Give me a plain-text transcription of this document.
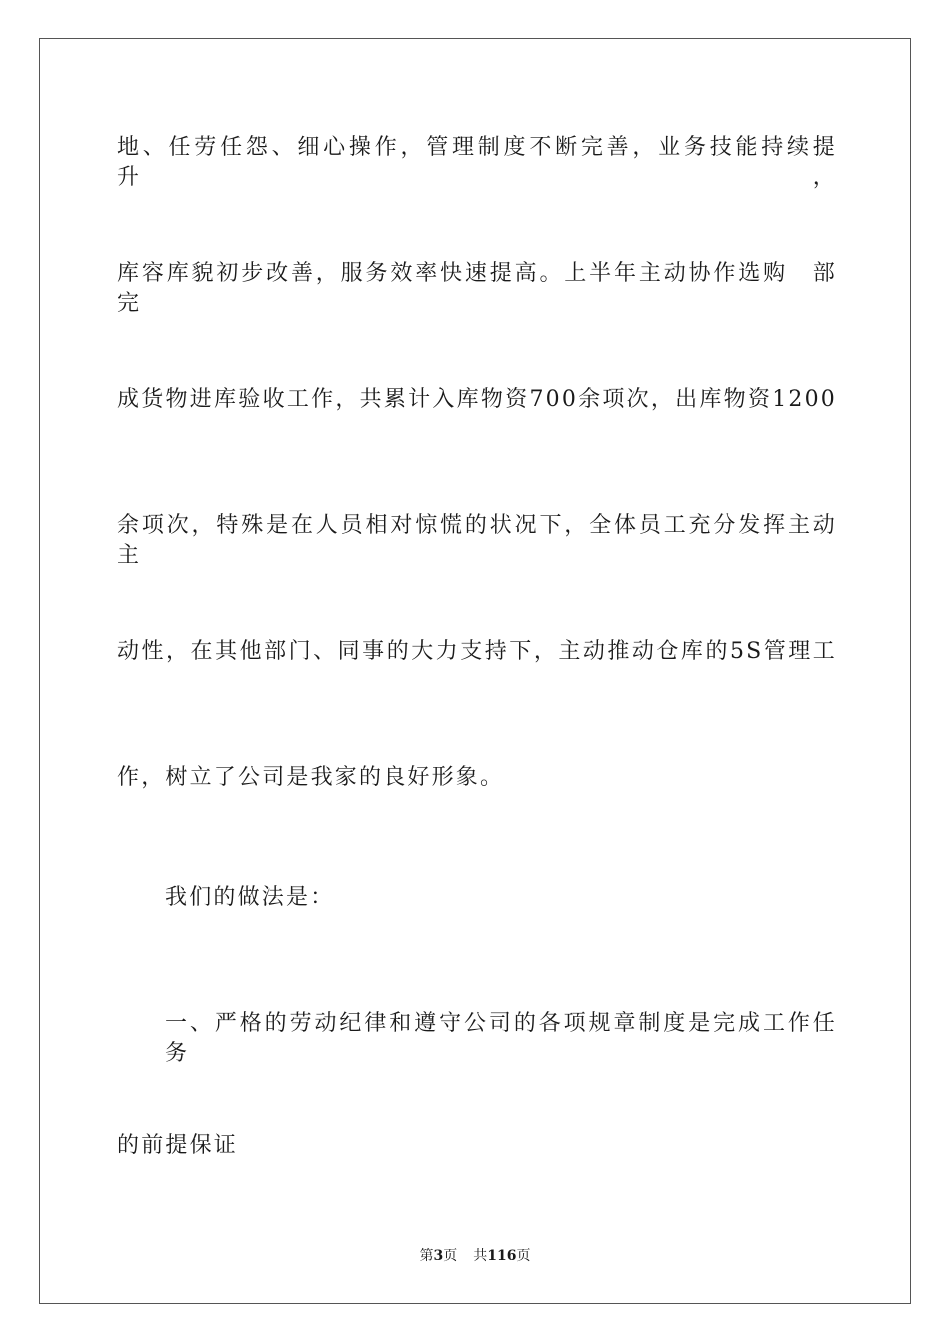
地、任劳任怨、细心操作，管理制度不断完善，业务技能持续提升，
库容库貌初步改善，服务效率快速提高。上半年主动协作选购　部完
成货物进库验收工作，共累计入库物资700余项次，出库物资1200
余项次，特殊是在人员相对惊慌的状况下，全体员工充分发挥主动主
动性，在其他部门、同事的大力支持下，主动推动仓库的5S管理工
作，树立了公司是我家的良好形象。
我们的做法是：
一、严格的劳动纪律和遵守公司的各项规章制度是完成工作任务
的前提保证
第3页 共116页
